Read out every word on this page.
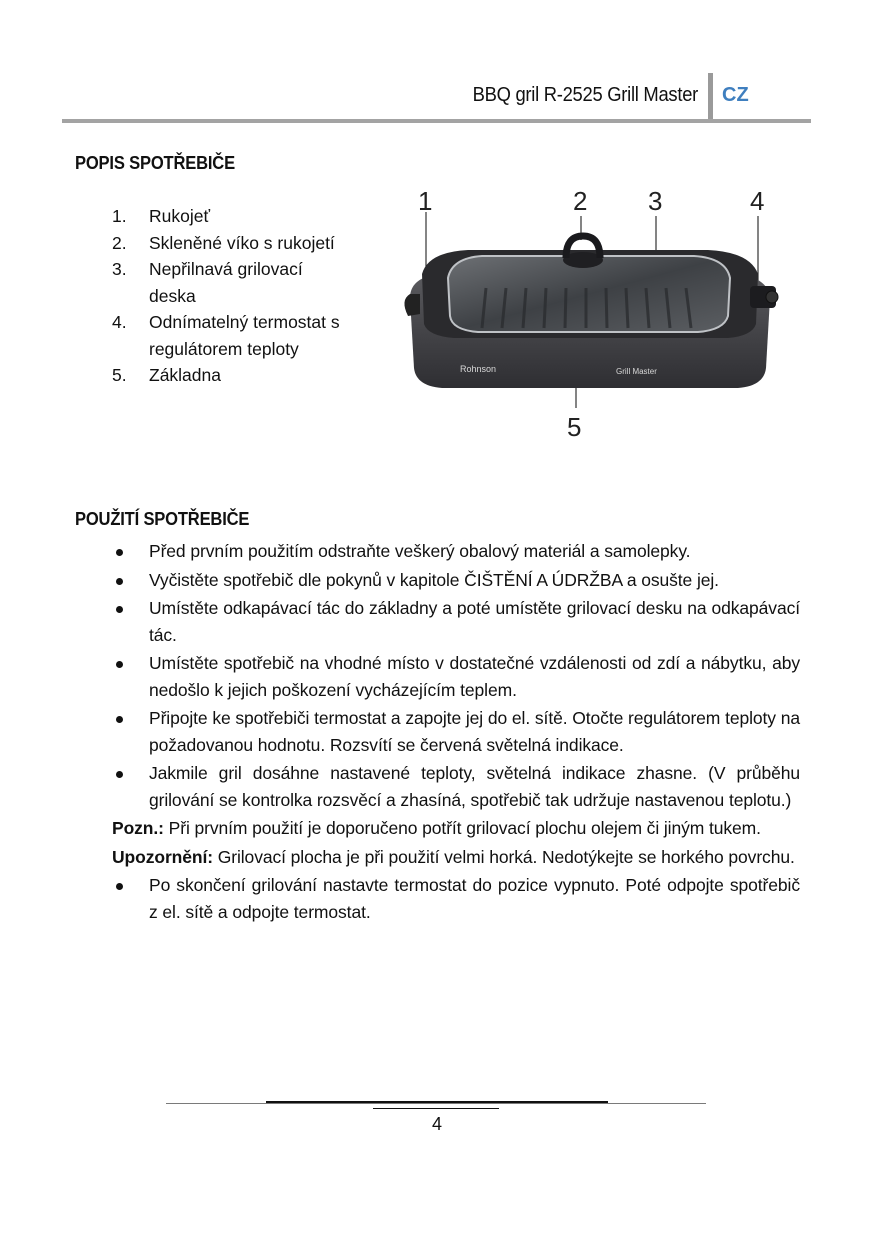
BBQ gril R-2525 Grill Master CZ
POPIS SPOTŘEBIČE
1. Rukojeť
2. Skleněné víko s rukojetí
3. Nepřilnavá grilovací deska
4. Odnímatelný termostat s regulátorem teploty
5. Základna	Rohnson	Grill Master
1	2 3	4
5
POUŽITÍ SPOTŘEBIČE
Před prvním použitím odstraňte veškerý obalový materiál a samolepky.
Vyčistěte spotřebič dle pokynů v kapitole ČIŠTĚNÍ A ÚDRŽBA a osušte jej.
Umístěte odkapávací tác do základny a poté umístěte grilovací desku na odkapávací tác.
Umístěte spotřebič na vhodné místo v dostatečné vzdálenosti od zdí a nábytku, aby nedošlo k jejich poškození vycházejícím teplem.
Připojte ke spotřebiči termostat a zapojte jej do el. sítě. Otočte regulátorem teploty na požadovanou hodnotu. Rozsvítí se červená světelná indikace.
Jakmile gril dosáhne nastavené teploty, světelná indikace zhasne. (V průběhu grilování se kontrolka rozsvěcí a zhasíná, spotřebič tak udržuje nastavenou teplotu.)
Pozn.: Při prvním použití je doporučeno potřít grilovací plochu olejem či jiným tukem.
Upozornění: Grilovací plocha je při použití velmi horká. Nedotýkejte se horkého povrchu.
Po skončení grilování nastavte termostat do pozice vypnuto. Poté odpojte spotřebič z el. sítě a odpojte termostat.
4
